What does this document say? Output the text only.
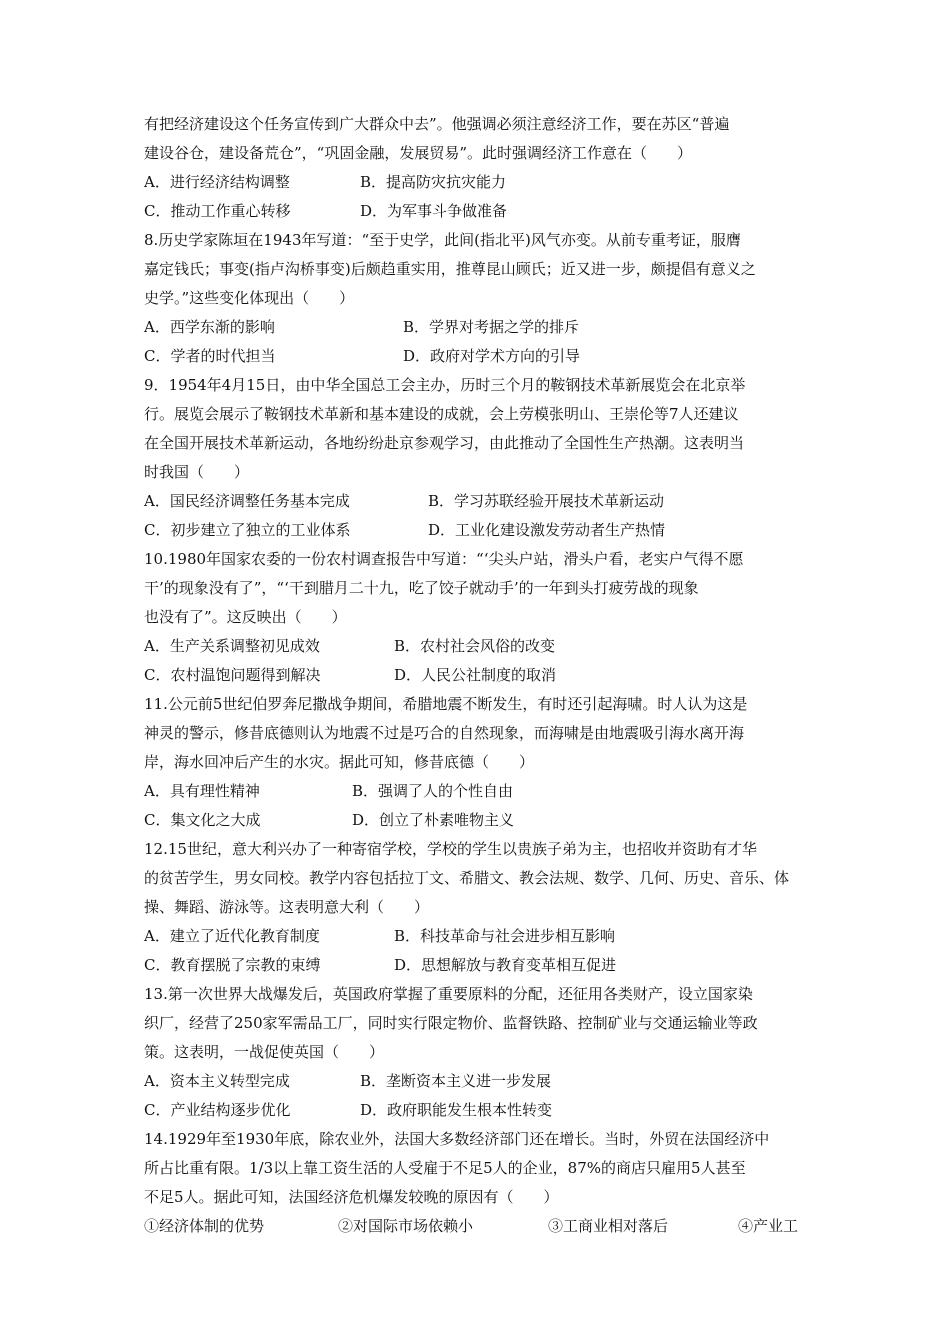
有把经济建设这个任务宣传到广大群众中去”。他强调必须注意经济工作，要在苏区“普遍
建设谷仓，建设备荒仓”，“巩固金融，发展贸易”。此时强调经济工作意在（　　）
A．进行经济结构调整	B．提高防灾抗灾能力
C．推动工作重心转移	D．为军事斗争做准备
8.历史学家陈垣在1943年写道：“至于史学，此间(指北平)风气亦变。从前专重考证，服膺
嘉定钱氏；事变(指卢沟桥事变)后颇趋重实用，推尊昆山顾氏；近又进一步，颇提倡有意义之
史学。”这些变化体现出（　　）
A．西学东渐的影响	B．学界对考据之学的排斥
C．学者的时代担当	D．政府对学术方向的引导
9．1954年4月15日，由中华全国总工会主办，历时三个月的鞍钢技术革新展览会在北京举
行。展览会展示了鞍钢技术革新和基本建设的成就，会上劳模张明山、王崇伦等7人还建议
在全国开展技术革新运动，各地纷纷赴京参观学习，由此推动了全国性生产热潮。这表明当
时我国（　　）
A．国民经济调整任务基本完成	B．学习苏联经验开展技术革新运动
C．初步建立了独立的工业体系	D．工业化建设激发劳动者生产热情
10.1980年国家农委的一份农村调查报告中写道：“‘尖头户站，滑头户看，老实户气得不愿
干’的现象没有了”，“‘干到腊月二十九，吃了饺子就动手’的一年到头打疲劳战的现象
也没有了”。这反映出（　　）
A．生产关系调整初见成效	B．农村社会风俗的改变
C．农村温饱问题得到解决	D．人民公社制度的取消
11.公元前5世纪伯罗奔尼撒战争期间，希腊地震不断发生，有时还引起海啸。时人认为这是
神灵的警示，修昔底德则认为地震不过是巧合的自然现象，而海啸是由地震吸引海水离开海
岸，海水回冲后产生的水灾。据此可知，修昔底德（　　）
A．具有理性精神	B．强调了人的个性自由
C．集文化之大成	D．创立了朴素唯物主义
12.15世纪，意大利兴办了一种寄宿学校，学校的学生以贵族子弟为主，也招收并资助有才华
的贫苦学生，男女同校。教学内容包括拉丁文、希腊文、教会法规、数学、几何、历史、音乐、体
操、舞蹈、游泳等。这表明意大利（　　）
A．建立了近代化教育制度	B．科技革命与社会进步相互影响
C．教育摆脱了宗教的束缚	D．思想解放与教育变革相互促进
13.第一次世界大战爆发后，英国政府掌握了重要原料的分配，还征用各类财产，设立国家染
织厂，经营了250家军需品工厂，同时实行限定物价、监督铁路、控制矿业与交通运输业等政
策。这表明，一战促使英国（　　）
A．资本主义转型完成	B．垄断资本主义进一步发展
C．产业结构逐步优化	D．政府职能发生根本性转变
14.1929年至1930年底，除农业外，法国大多数经济部门还在增长。当时，外贸在法国经济中
所占比重有限。1/3以上靠工资生活的人受雇于不足5人的企业，87%的商店只雇用5人甚至
不足5人。据此可知，法国经济危机爆发较晚的原因有（　　）
①经济体制的优势	②对国际市场依赖小	③工商业相对落后	④产业工
